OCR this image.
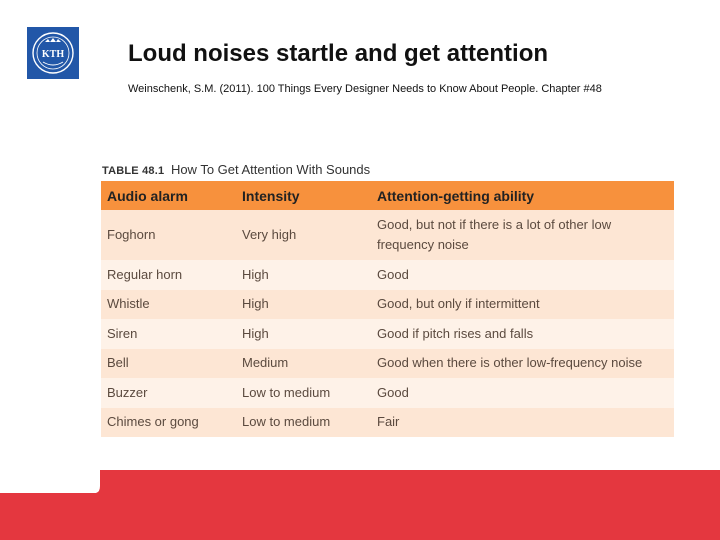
KTH	Loud noises startle and get attention
Weinschenk, S.M. (2011). 100 Things Every Designer Needs to Know About People. Chapter #48
TABLE 48.1 How To Get Attention With Sounds
Audio alarm	Intensity	Attention-getting ability
Foghorn	Very high	Good, but not if there is a lot of other low frequency noise
Regular horn	High	Good
Whistle	High	Good, but only if intermittent
Siren	High	Good if pitch rises and falls
Bell	Medium	Good when there is other low-frequency noise
Buzzer	Low to medium	Good
Chimes or gong	Low to medium	Fair
